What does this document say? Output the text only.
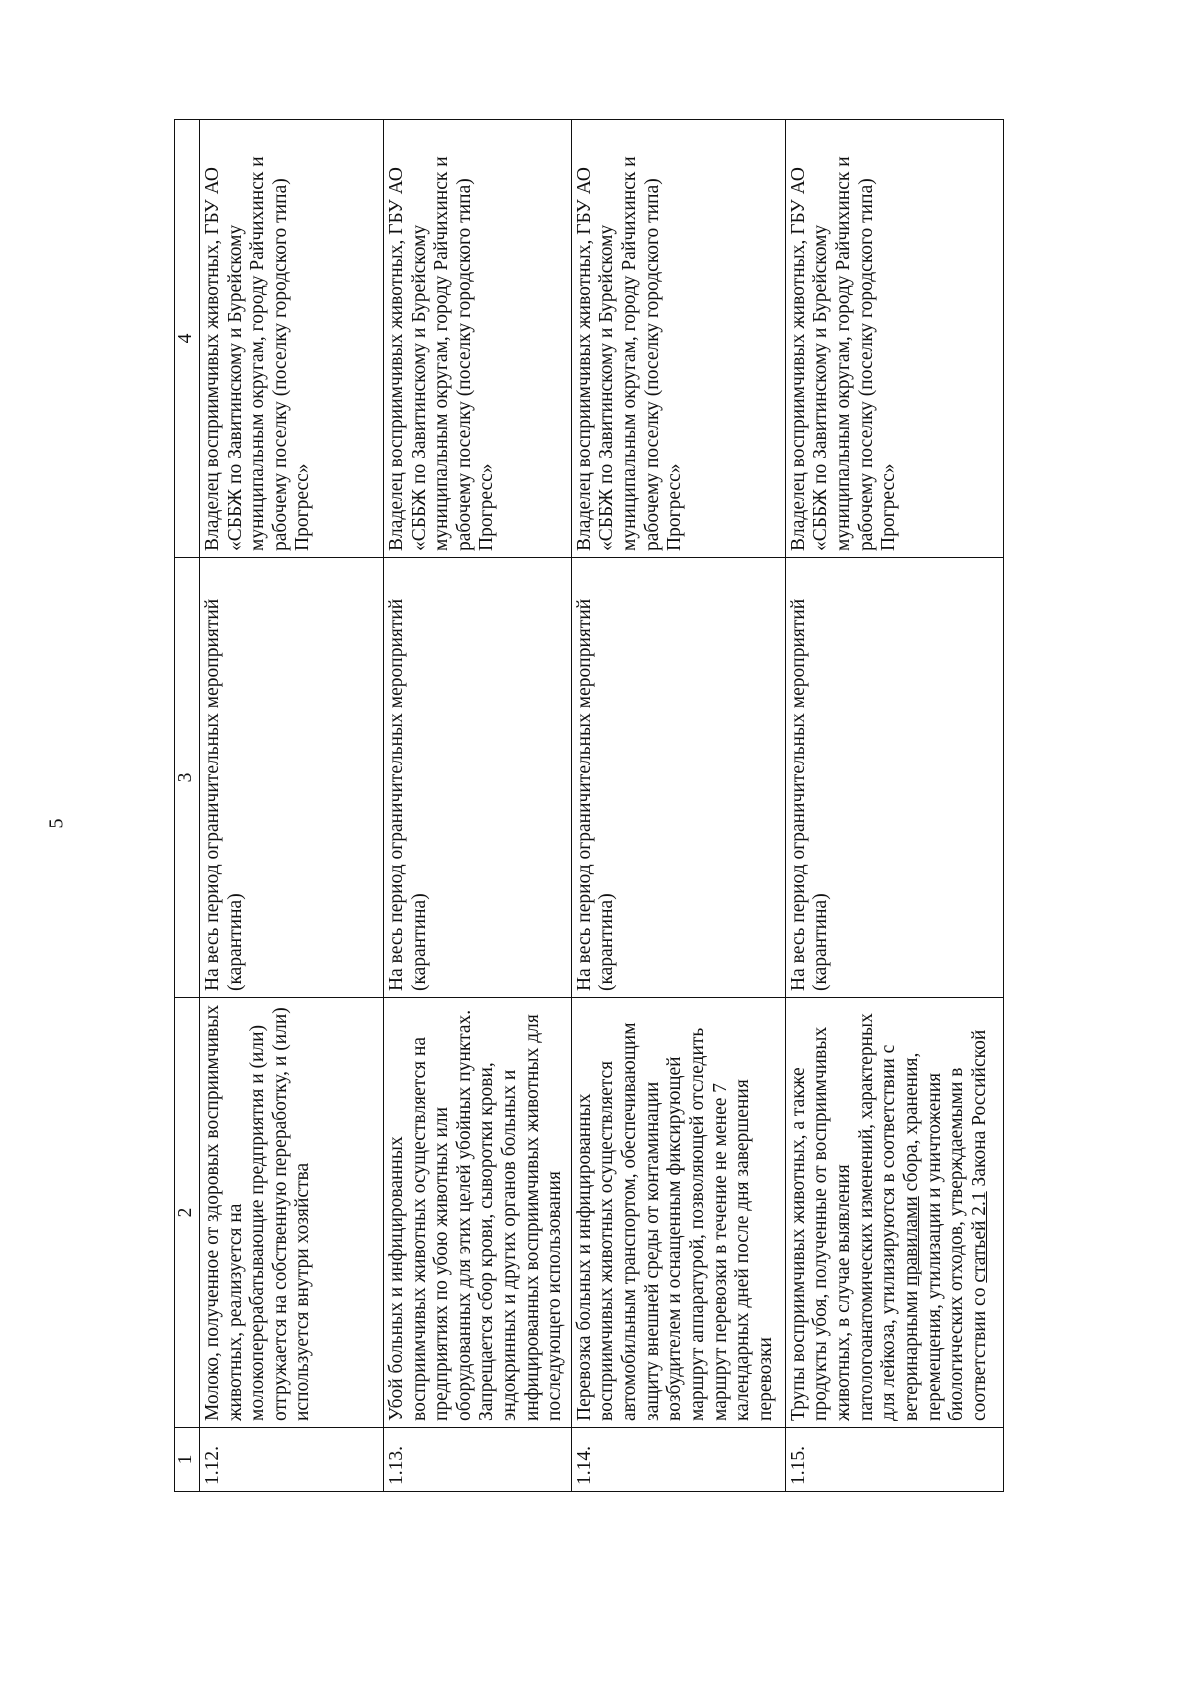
5
1	2	3	4
1.12.	Молоко, полученное от здоровых восприимчивых животных, реализуется на молокоперерабатывающие предприятия и (или) отгружается на собственную переработку, и (или) используется внутри хозяйства	На весь период ограничительных мероприятий (карантина)	Владелец восприимчивых животных, ГБУ АО «СББЖ по Завитинскому и Бурейскому муниципальным округам, городу Райчихинск и рабочему поселку (поселку городского типа) Прогресс»
1.13.	Убой больных и инфицированных восприимчивых животных осуществляется на предприятиях по убою животных или оборудованных для этих целей убойных пунктах. Запрещается сбор крови, сыворотки крови, эндокринных и других органов больных и инфицированных восприимчивых животных для последующего использования	На весь период ограничительных мероприятий (карантина)	Владелец восприимчивых животных, ГБУ АО «СББЖ по Завитинскому и Бурейскому муниципальным округам, городу Райчихинск и рабочему поселку (поселку городского типа) Прогресс»
1.14.	Перевозка больных и инфицированных восприимчивых животных осуществляется автомобильным транспортом, обеспечивающим защиту внешней среды от контаминации возбудителем и оснащенным фиксирующей маршрут аппаратурой, позволяющей отследить маршрут перевозки в течение не менее 7 календарных дней после дня завершения перевозки	На весь период ограничительных мероприятий (карантина)	Владелец восприимчивых животных, ГБУ АО «СББЖ по Завитинскому и Бурейскому муниципальным округам, городу Райчихинск и рабочему поселку (поселку городского типа) Прогресс»
1.15.	Трупы восприимчивых животных, а также продукты убоя, полученные от восприимчивых животных, в случае выявления патологоанатомических изменений, характерных для лейкоза, утилизируются в соответствии с ветеринарными правилами сбора, хранения, перемещения, утилизации и уничтожения биологических отходов, утверждаемыми в соответствии со статьей 2.1 Закона Российской	На весь период ограничительных мероприятий (карантина)	Владелец восприимчивых животных, ГБУ АО «СББЖ по Завитинскому и Бурейскому муниципальным округам, городу Райчихинск и рабочему поселку (поселку городского типа) Прогресс»
